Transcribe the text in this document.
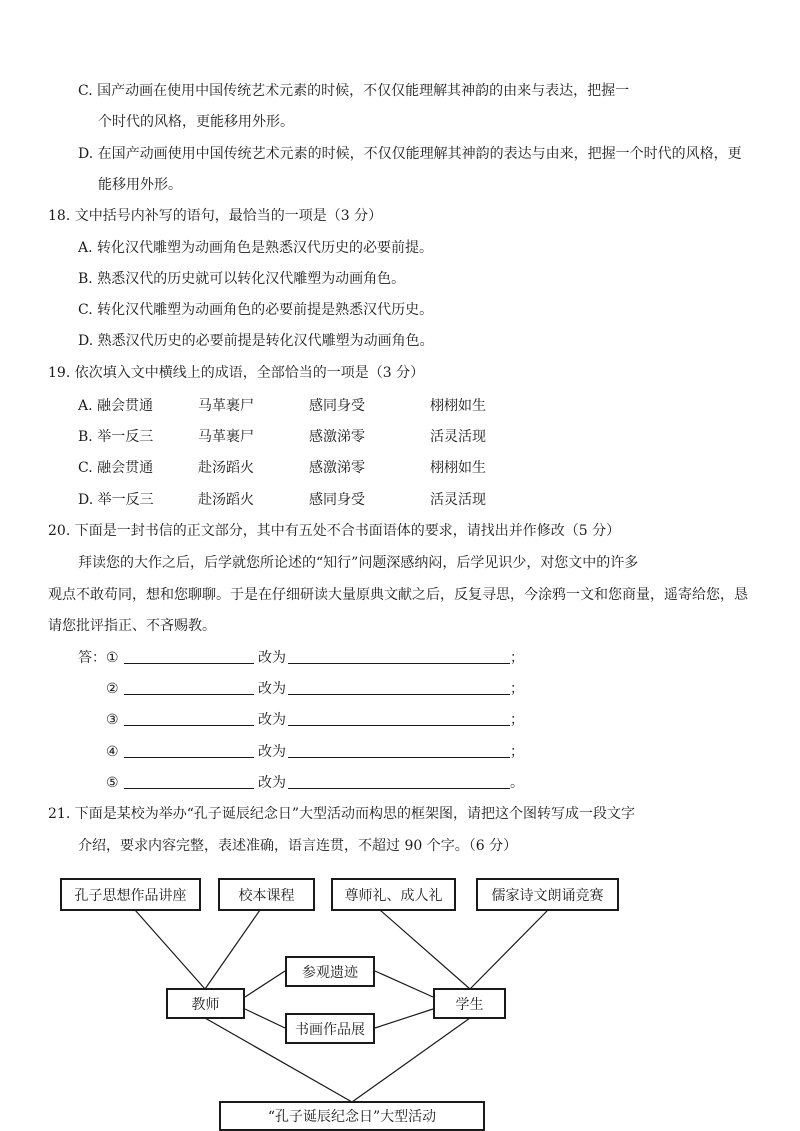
C. 国产动画在使用中国传统艺术元素的时候，不仅仅能理解其神韵的由来与表达，把握一
个时代的风格，更能移用外形。
D. 在国产动画使用中国传统艺术元素的时候，不仅仅能理解其神韵的表达与由来，把握一个时代的风格，更
能移用外形。
18. 文中括号内补写的语句，最恰当的一项是（3 分）
A. 转化汉代雕塑为动画角色是熟悉汉代历史的必要前提。
B. 熟悉汉代的历史就可以转化汉代雕塑为动画角色。
C. 转化汉代雕塑为动画角色的必要前提是熟悉汉代历史。
D. 熟悉汉代历史的必要前提是转化汉代雕塑为动画角色。
19. 依次填入文中横线上的成语，全部恰当的一项是（3 分）
A. 融会贯通	马革裹尸	感同身受	栩栩如生
B. 举一反三	马革裹尸	感激涕零	活灵活现
C. 融会贯通	赴汤蹈火	感激涕零	栩栩如生
D. 举一反三	赴汤蹈火	感同身受	活灵活现
20. 下面是一封书信的正文部分，其中有五处不合书面语体的要求，请找出并作修改（5 分）
拜读您的大作之后，后学就您所论述的“知行”问题深感纳闷，后学见识少，对您文中的许多
观点不敢苟同，想和您聊聊。于是在仔细研读大量原典文献之后，反复寻思，今涂鸦一文和您商量，遥寄给您，恳
请您批评指正、不吝赐教。
答： ①	改为	；
②	改为	；
③	改为	；
④	改为	；
⑤	改为	。
21. 下面是某校为举办“孔子诞辰纪念日”大型活动而构思的框架图，请把这个图转写成一段文字
介绍，要求内容完整，表述准确，语言连贯，不超过 90 个字。（6 分）
孔子思想作品讲座	校本课程	尊师礼、成人礼	儒家诗文朗诵竞赛
参观遗迹
书画作品展
教师	学生
“孔子诞辰纪念日”大型活动
